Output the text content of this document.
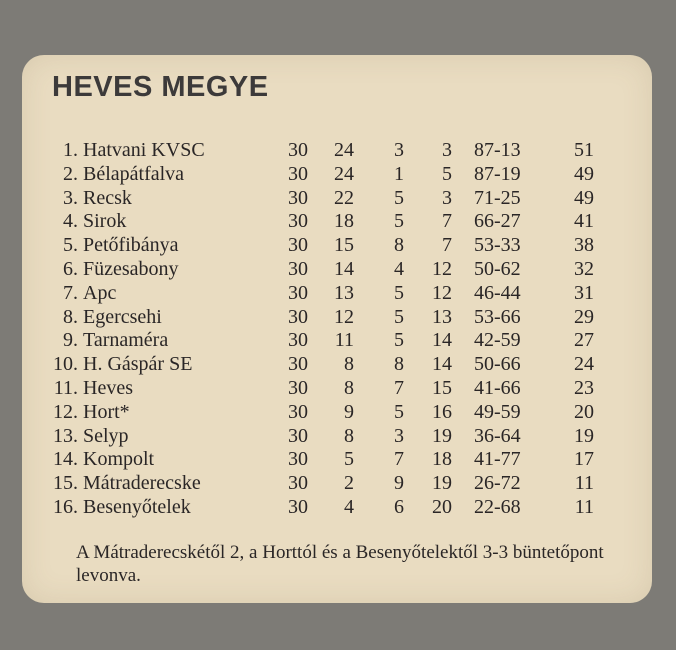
HEVES MEGYE
1. Hatvani KVSC	30	24	3	3 87-13	51
2. Bélapátfalva	30	24	1	5 87-19	49
3. Recsk	30	22	5	3 71-25	49
4. Sirok	30	18	5	7 66-27	41
5. Petőfibánya	30	15	8	7 53-33	38
6. Füzesabony	30	14	4	12 50-62	32
7. Apc	30	13	5	12 46-44	31
8. Egercsehi	30	12	5	13 53-66	29
9. Tarnaméra	30	11	5	14 42-59	27
10. H. Gáspár SE	30	8	8	14 50-66	24
11. Heves	30	8	7	15 41-66	23
12. Hort*	30	9	5	16 49-59	20
13. Selyp	30	8	3	19 36-64	19
14. Kompolt	30	5	7	18 41-77	17
15. Mátraderecske	30	2	9	19 26-72	11
16. Besenyőtelek	30	4	6	20 22-68	11
A Mátraderecskétől 2, a Horttól és a Besenyőtelektől 3-3 büntetőpont levonva.
